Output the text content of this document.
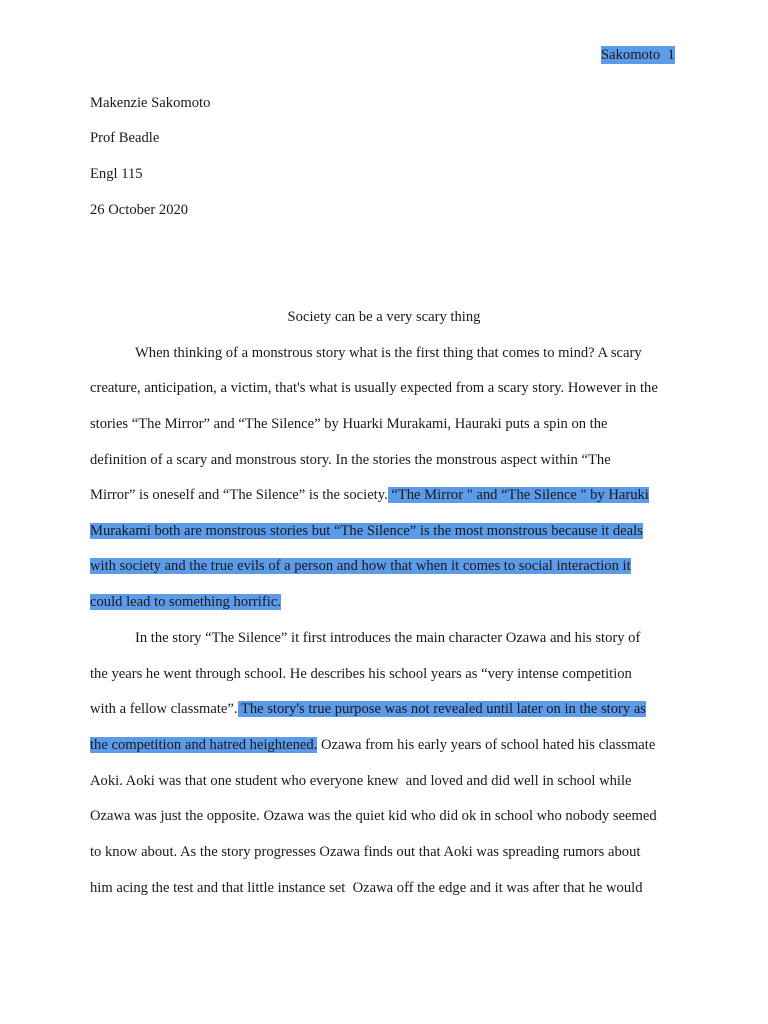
Sakomoto  1
Makenzie Sakomoto
Prof Beadle
Engl 115
26 October 2020
Society can be a very scary thing
When thinking of a monstrous story what is the first thing that comes to mind? A scary
creature, anticipation, a victim, that's what is usually expected from a scary story. However in the
stories “The Mirror” and “The Silence” by Huarki Murakami, Hauraki puts a spin on the
definition of a scary and monstrous story. In the stories the monstrous aspect within “The
Mirror” is oneself and “The Silence” is the society. “The Mirror " and “The Silence " by Haruki
Murakami both are monstrous stories but “The Silence” is the most monstrous because it deals
with society and the true evils of a person and how that when it comes to social interaction it
could lead to something horrific.
In the story “The Silence” it first introduces the main character Ozawa and his story of
the years he went through school. He describes his school years as “very intense competition
with a fellow classmate”. The story's true purpose was not revealed until later on in the story as
the competition and hatred heightened. Ozawa from his early years of school hated his classmate
Aoki. Aoki was that one student who everyone knew  and loved and did well in school while
Ozawa was just the opposite. Ozawa was the quiet kid who did ok in school who nobody seemed
to know about. As the story progresses Ozawa finds out that Aoki was spreading rumors about
him acing the test and that little instance set  Ozawa off the edge and it was after that he would
